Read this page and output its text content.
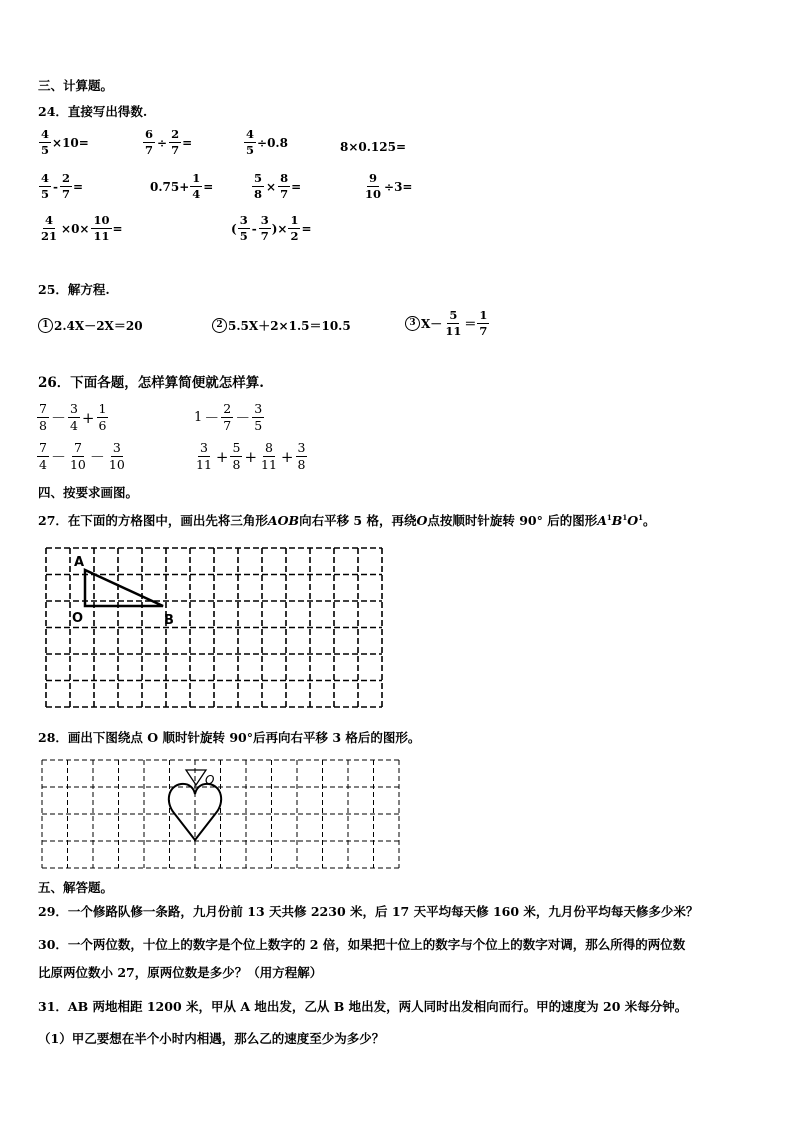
三、计算题。
24．直接写出得数.
$\frac{4}{5} \times 10=$	$\frac{6}{7} \div \frac{2}{7}$ =	$\frac{4}{5} \div 0.8$	8×0.125=
$\frac{4}{5} - \frac{2}{7}$ =	$0.75+ \frac{1}{4}$ =	$\frac{5}{8} \times \frac{8}{7}$ =	$\frac{9}{10} \div 3=$
$\frac{4}{21} \times 0\times \frac{10}{11}$ =	( $\frac{3}{5} - \frac{3}{7}$ )× $\frac{1}{2}$ =
25．解方程.
1 2.4X－2X＝20	2 5.5X＋2×1.5＝10.5	3 $X- \frac{5}{11} = \frac{1}{7}$
26．下面各题，怎样算简便就怎样算.
$\frac{7}{8} - \frac{3}{4} + \frac{1}{6}$	$1 - \frac{2}{7} - \frac{3}{5}$
$\frac{7}{4} - \frac{7}{10} - \frac{3}{10}$	$\frac{3}{11} + \frac{5}{8} + \frac{8}{11} + \frac{3}{8}$
四、按要求画图。
27．在下面的方格图中，画出先将三角形AOB向右平移 5 格，再绕O点按顺时针旋转 90° 后的图形$A^1B^1O^1$。
A
O	B
28．画出下图绕点 O 顺时针旋转 90°后再向右平移 3 格后的图形。
O
五、解答题。
29．一个修路队修一条路，九月份前 13 天共修 2230 米，后 17 天平均每天修 160 米，九月份平均每天修多少米？
30．一个两位数，十位上的数字是个位上数字的 2 倍，如果把十位上的数字与个位上的数字对调，那么所得的两位数
比原两位数小 27，原两位数是多少？（用方程解）
31．AB 两地相距 1200 米，甲从 A 地出发，乙从 B 地出发，两人同时出发相向而行。甲的速度为 20 米每分钟。
（1）甲乙要想在半个小时内相遇，那么乙的速度至少为多少？
